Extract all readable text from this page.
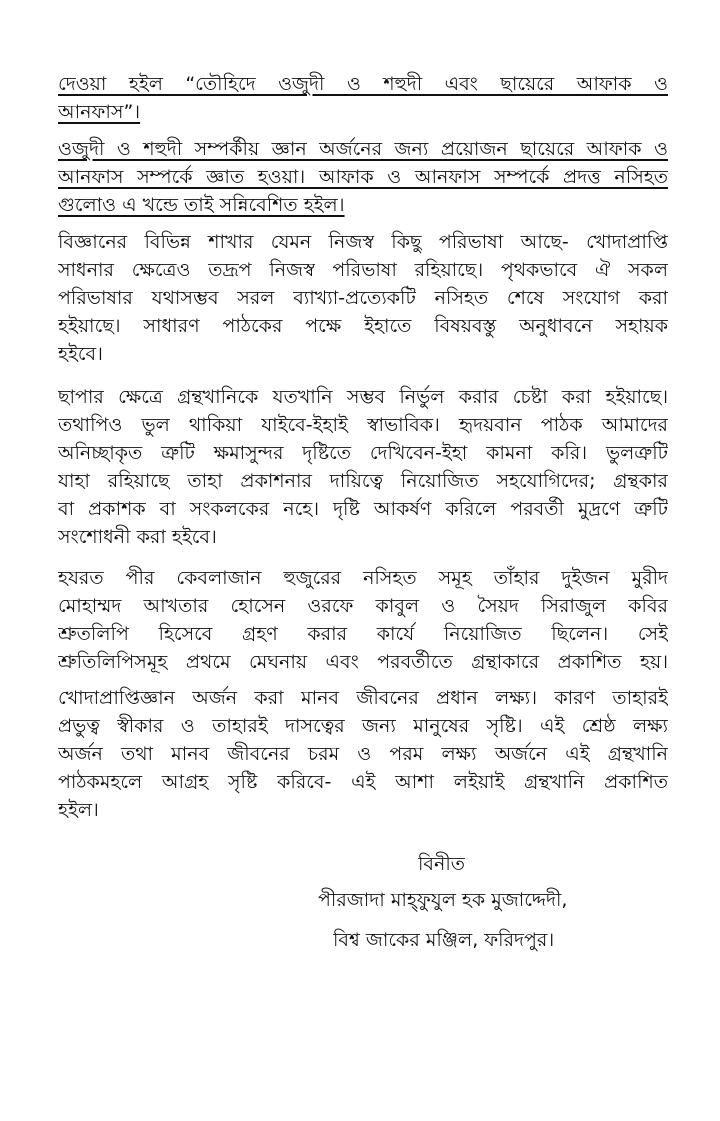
দেওয়া হইল “তৌহিদে ওজুদী ও শহুদী এবং ছায়েরে আফাক ও
আনফাস”।
ওজুদী ও শহুদী সম্পর্কীয় জ্ঞান অর্জনের জন্য প্রয়োজন ছায়েরে আফাক ও
আনফাস সম্পর্কে জ্ঞাত হওয়া। আফাক ও আনফাস সম্পর্কে প্রদত্ত নসিহত
গুলোও এ খন্ডে তাই সন্নিবেশিত হইল।
বিজ্ঞানের বিভিন্ন শাখার যেমন নিজস্ব কিছু পরিভাষা আছে- খোদাপ্রাপ্তি
সাধনার ক্ষেত্রেও তদ্রূপ নিজস্ব পরিভাষা রহিয়াছে। পৃথকভাবে ঐ সকল
পরিভাষার যথাসম্ভব সরল ব্যাখ্যা-প্রত্যেকটি নসিহত শেষে সংযোগ করা
হইয়াছে। সাধারণ পাঠকের পক্ষে ইহাতে বিষয়বস্তু অনুধাবনে সহায়ক
হইবে।
ছাপার ক্ষেত্রে গ্রন্থখানিকে যতখানি সম্ভব নির্ভুল করার চেষ্টা করা হইয়াছে।
তথাপিও ভুল থাকিয়া যাইবে-ইহাই স্বাভাবিক। হৃদয়বান পাঠক আমাদের
অনিচ্ছাকৃত ত্রুটি ক্ষমাসুন্দর দৃষ্টিতে দেখিবেন-ইহা কামনা করি। ভুলত্রুটি
যাহা রহিয়াছে তাহা প্রকাশনার দায়িত্বে নিয়োজিত সহযোগিদের; গ্রন্থকার
বা প্রকাশক বা সংকলকের নহে। দৃষ্টি আকর্ষণ করিলে পরবর্তী মুদ্রণে ত্রুটি
সংশোধনী করা হইবে।
হযরত পীর কেবলাজান হুজুরের নসিহত সমূহ তাঁহার দুইজন মুরীদ
মোহাম্মদ আখতার হোসেন ওরফে কাবুল ও সৈয়দ সিরাজুল কবির
শ্রুতলিপি হিসেবে গ্রহণ করার কার্যে নিয়োজিত ছিলেন। সেই
শ্রুতিলিপিসমূহ প্রথমে মেঘনায় এবং পরবর্তীতে গ্রন্থাকারে প্রকাশিত হয়।
খোদাপ্রাপ্তিজ্ঞান অর্জন করা মানব জীবনের প্রধান লক্ষ্য। কারণ তাহারই
প্রভুত্ব স্বীকার ও তাহারই দাসত্বের জন্য মানুষের সৃষ্টি। এই শ্রেষ্ঠ লক্ষ্য
অর্জন তথা মানব জীবনের চরম ও পরম লক্ষ্য অর্জনে এই গ্রন্থখানি
পাঠকমহলে আগ্রহ সৃষ্টি করিবে- এই আশা লইয়াই গ্রন্থখানি প্রকাশিত
হইল।
বিনীত
পীরজাদা মাহ্ফুযুল হক মুজাদ্দেদী,
বিশ্ব জাকের মঞ্জিল, ফরিদপুর।
